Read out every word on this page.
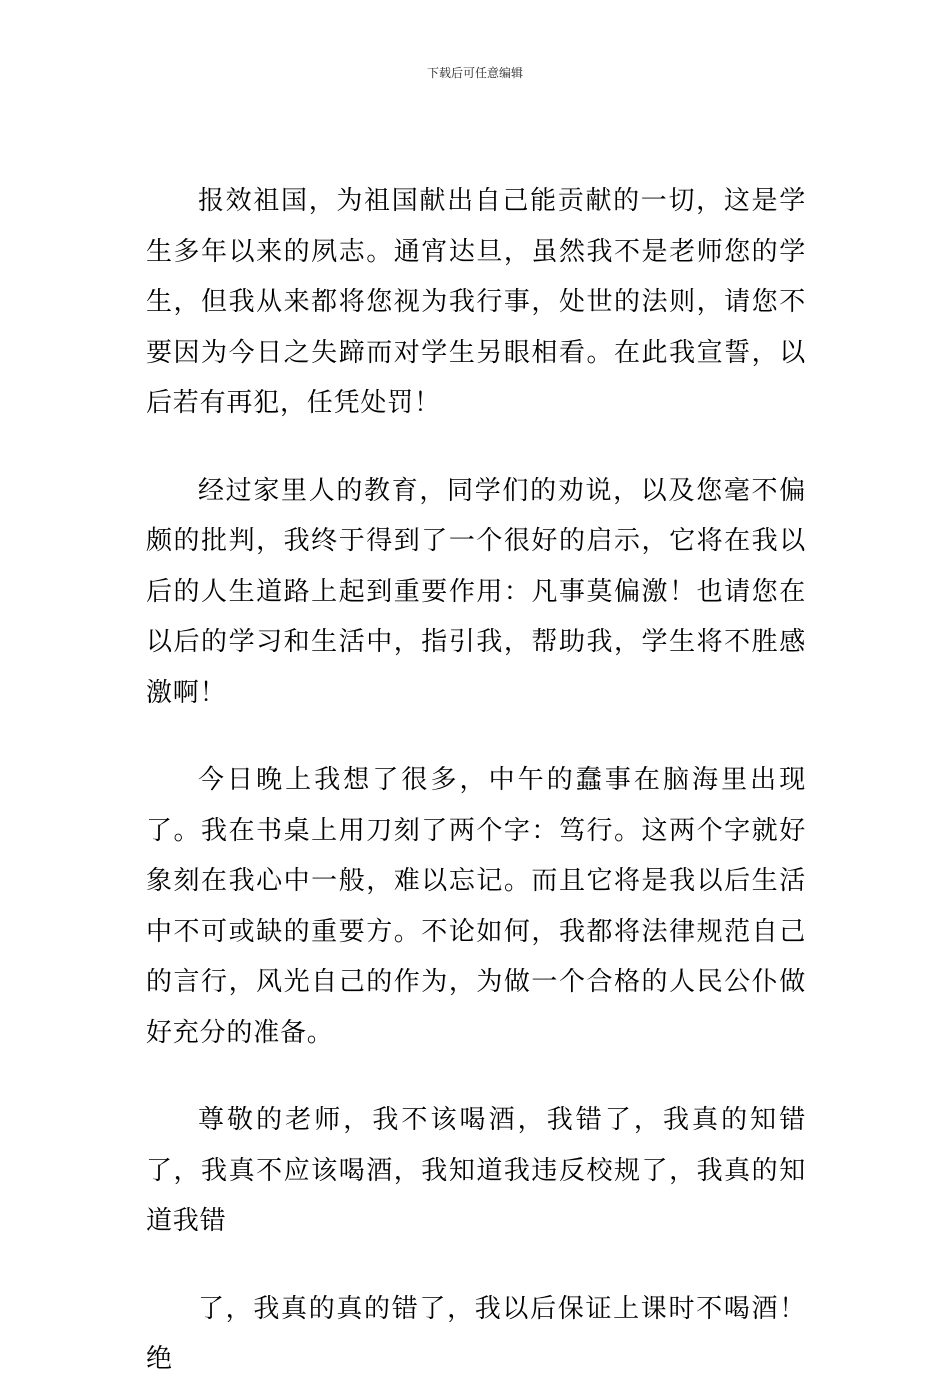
下载后可任意编辑

报效祖国，为祖国献出自己能贡献的一切，这是学生多年以来的夙志。通宵达旦，虽然我不是老师您的学生，但我从来都将您视为我行事，处世的法则，请您不要因为今日之失蹄而对学生另眼相看。在此我宣誓，以后若有再犯，任凭处罚！

经过家里人的教育，同学们的劝说，以及您毫不偏颇的批判，我终于得到了一个很好的启示，它将在我以后的人生道路上起到重要作用：凡事莫偏激！也请您在以后的学习和生活中，指引我，帮助我，学生将不胜感激啊！

今日晚上我想了很多，中午的蠢事在脑海里出现了。我在书桌上用刀刻了两个字：笃行。这两个字就好象刻在我心中一般，难以忘记。而且它将是我以后生活中不可或缺的重要方。不论如何，我都将法律规范自己的言行，风光自己的作为，为做一个合格的人民公仆做好充分的准备。

尊敬的老师，我不该喝酒，我错了，我真的知错了，我真不应该喝酒，我知道我违反校规了，我真的知道我错

了，我真的真的错了，我以后保证上课时不喝酒！绝
